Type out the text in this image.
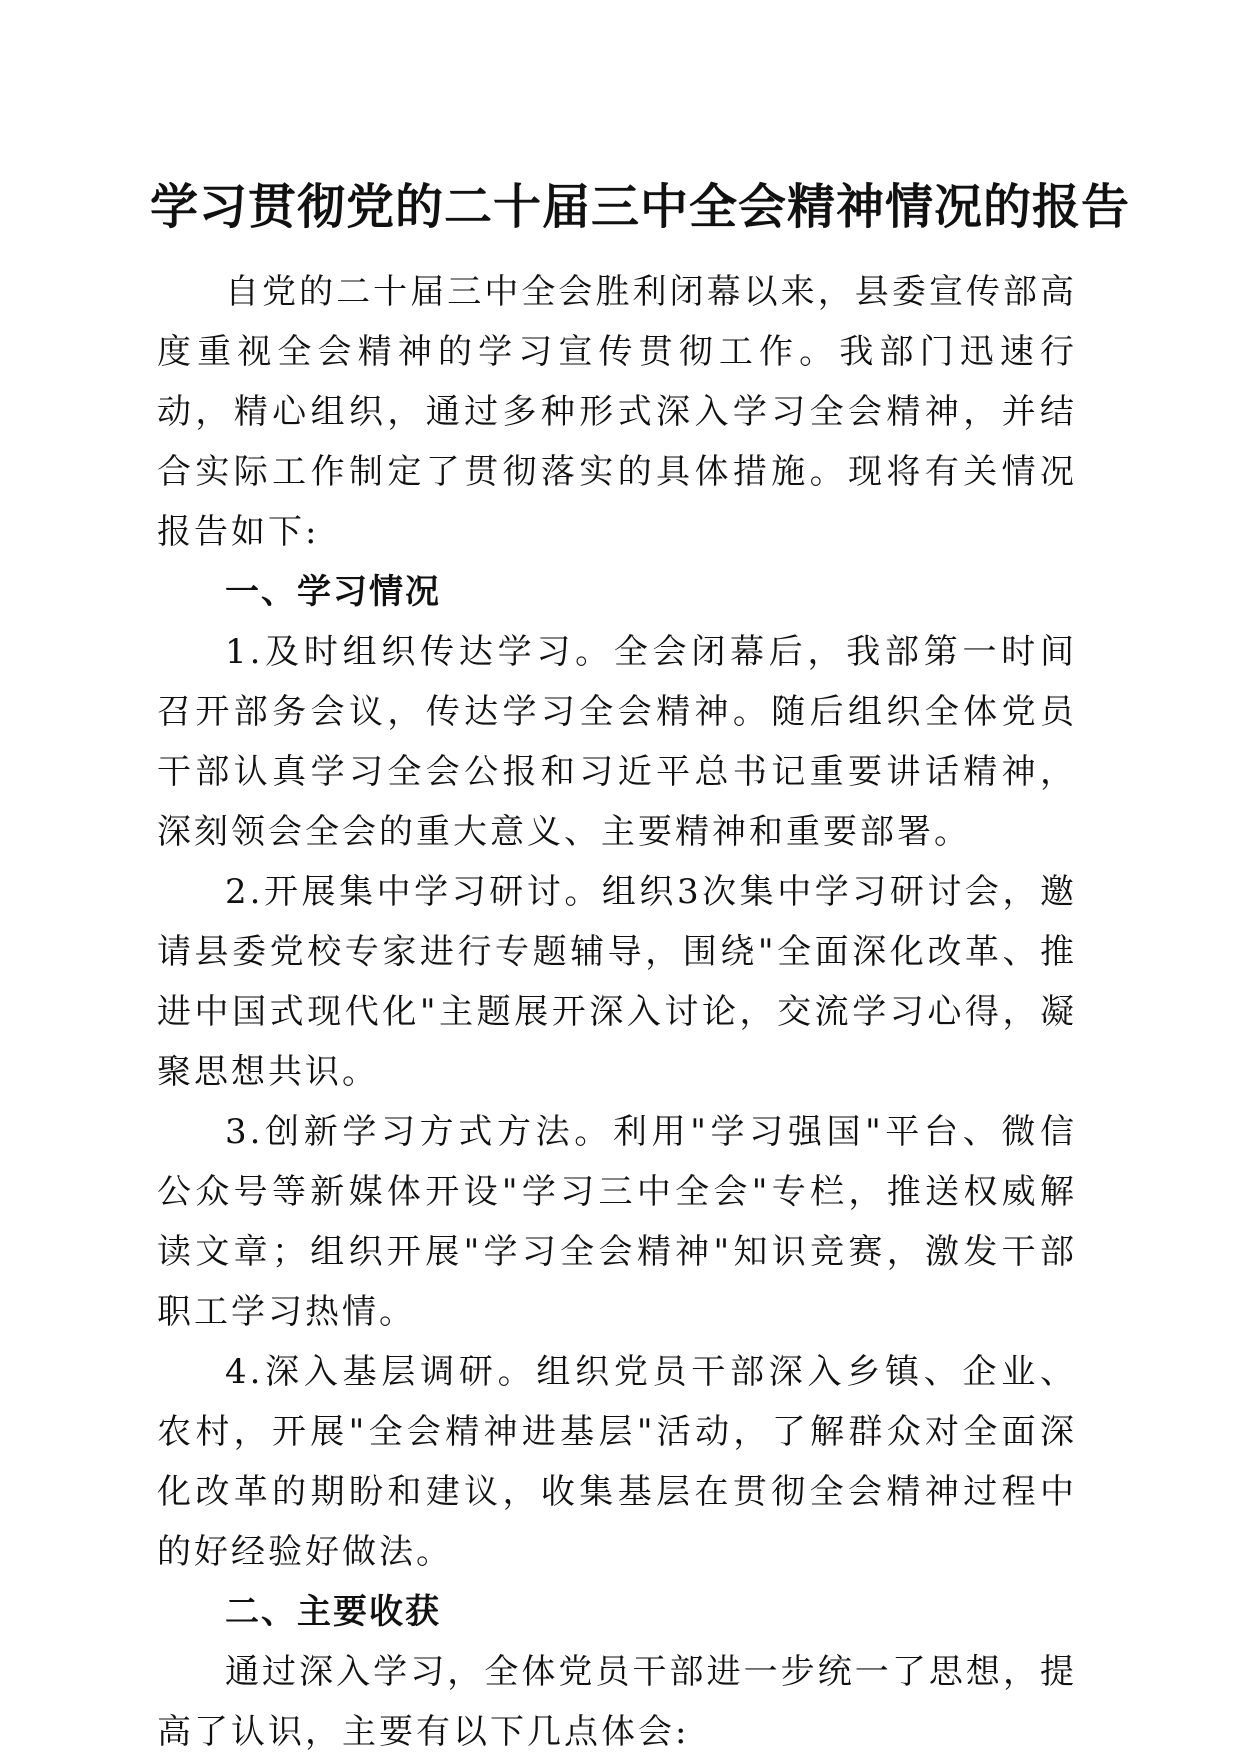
学习贯彻党的二十届三中全会精神情况的报告

自党的二十届三中全会胜利闭幕以来，县委宣传部高度重视全会精神的学习宣传贯彻工作。我部门迅速行动，精心组织，通过多种形式深入学习全会精神，并结合实际工作制定了贯彻落实的具体措施。现将有关情况报告如下:

一、学习情况

1.及时组织传达学习。全会闭幕后，我部第一时间召开部务会议，传达学习全会精神。随后组织全体党员干部认真学习全会公报和习近平总书记重要讲话精神，深刻领会全会的重大意义、主要精神和重要部署。

2.开展集中学习研讨。组织3次集中学习研讨会，邀请县委党校专家进行专题辅导，围绕"全面深化改革、推进中国式现代化"主题展开深入讨论，交流学习心得，凝聚思想共识。

3.创新学习方式方法。利用"学习强国"平台、微信公众号等新媒体开设"学习三中全会"专栏，推送权威解读文章；组织开展"学习全会精神"知识竞赛，激发干部职工学习热情。

4.深入基层调研。组织党员干部深入乡镇、企业、农村，开展"全会精神进基层"活动，了解群众对全面深化改革的期盼和建议，收集基层在贯彻全会精神过程中的好经验好做法。

二、主要收获

通过深入学习，全体党员干部进一步统一了思想，提高了认识，主要有以下几点体会:
